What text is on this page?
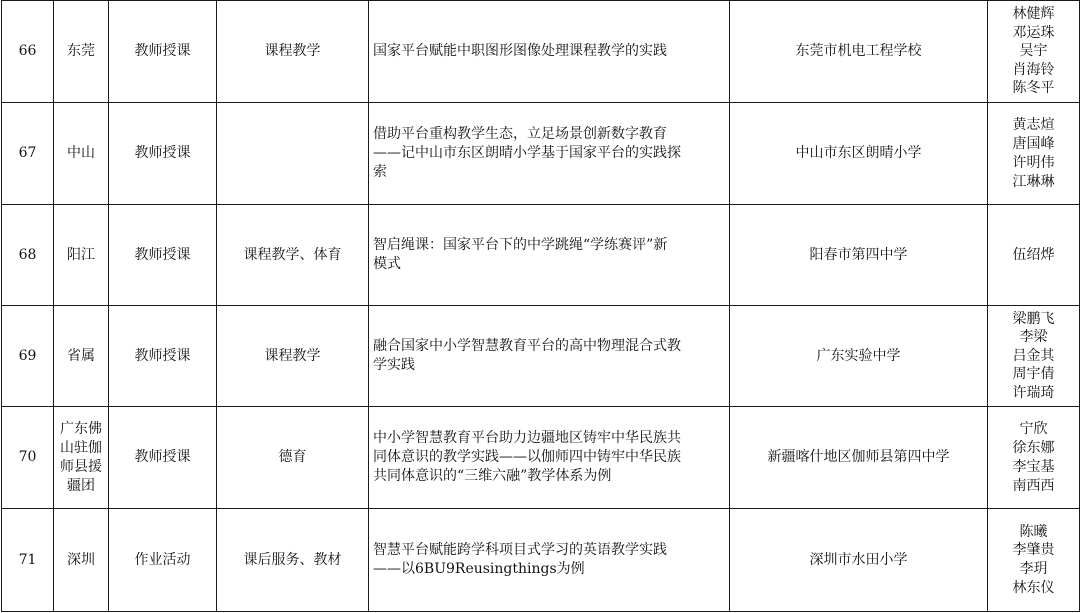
66	东莞	教师授课	课程教学	国家平台赋能中职图形图像处理课程教学的实践	东莞市机电工程学校	林健辉
邓运珠
吴宇
肖海铃
陈冬平

67	中山	教师授课		借助平台重构教学生态，立足场景创新数字教育
——记中山市东区朗晴小学基于国家平台的实践探
索	中山市东区朗晴小学	黄志煊
唐国峰
许明伟
江琳琳

68	阳江	教师授课	课程教学、体育	智启绳课：国家平台下的中学跳绳“学练赛评”新
模式	阳春市第四中学	伍绍烨

69	省属	教师授课	课程教学	融合国家中小学智慧教育平台的高中物理混合式教
学实践	广东实验中学	梁鹏飞
李梁
吕金其
周宇倩
许瑞琦

70	广东佛
山驻伽
师县援
疆团	教师授课	德育	中小学智慧教育平台助力边疆地区铸牢中华民族共
同体意识的教学实践——以伽师四中铸牢中华民族
共同体意识的“三维六融”教学体系为例	新疆喀什地区伽师县第四中学	宁欣
徐东娜
李宝基
南西西

71	深圳	作业活动	课后服务、教材	智慧平台赋能跨学科项目式学习的英语教学实践
——以6BU9Reusingthings为例	深圳市水田小学	陈曦
李肇贵
李玥
林东仪
